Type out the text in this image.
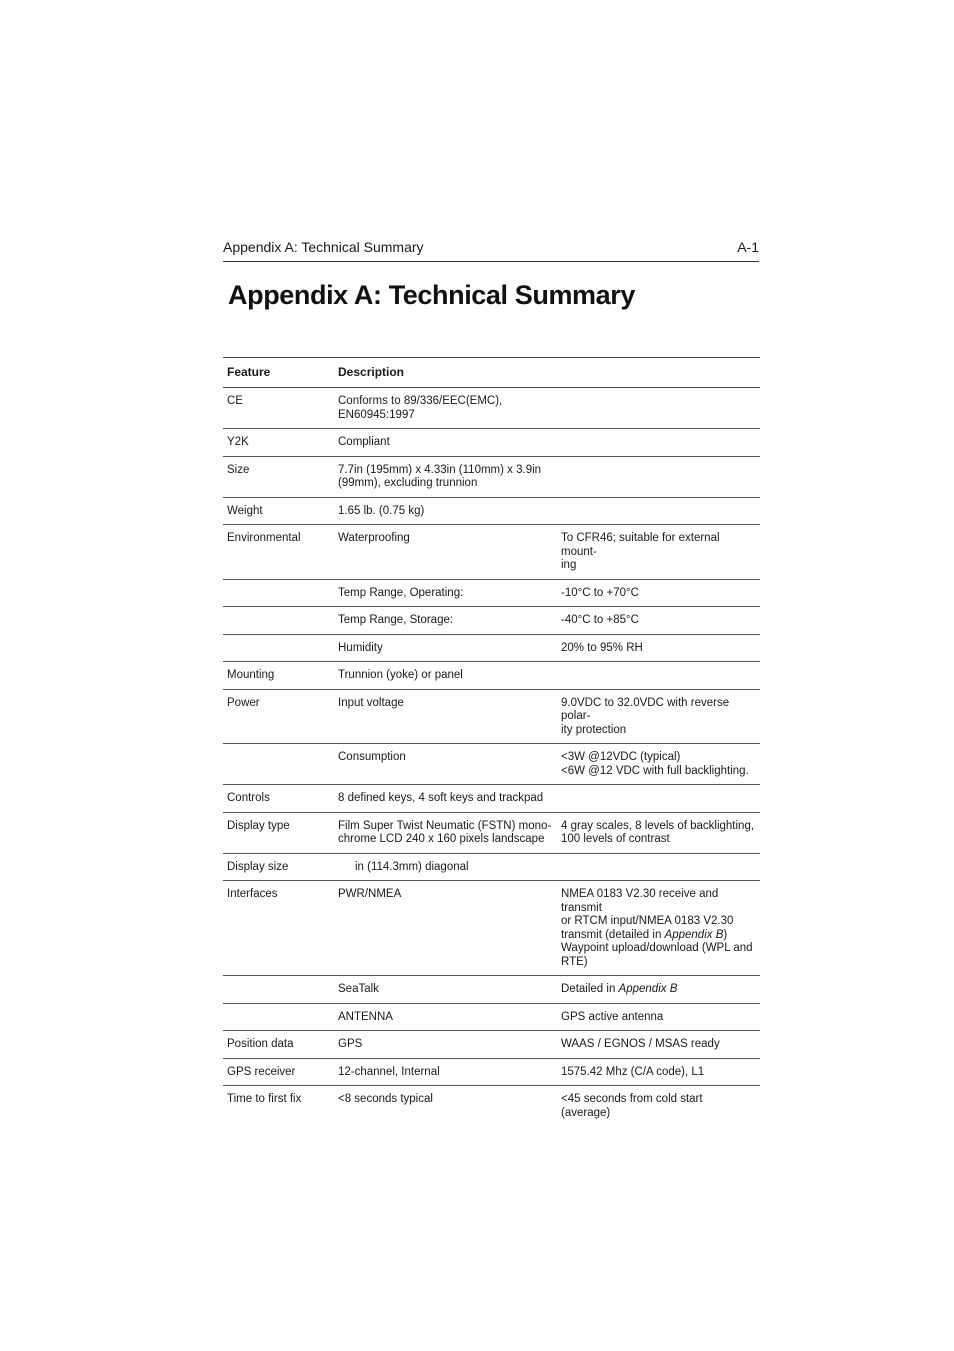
Appendix A: Technical Summary	A-1
Appendix A: Technical Summary
Feature	Description	
CE	Conforms to 89/336/EEC(EMC),
EN60945:1997	
Y2K	Compliant	
Size	7.7in (195mm) x 4.33in (110mm) x 3.9in
(99mm), excluding trunnion	
Weight	1.65 lb. (0.75 kg)	
Environmental	Waterproofing	To CFR46; suitable for external mount-
ing
	Temp Range, Operating:	-10°C to +70°C
	Temp Range, Storage:	-40°C to +85°C
	Humidity	20% to 95% RH
Mounting	Trunnion (yoke) or panel	
Power	Input voltage	9.0VDC to 32.0VDC with reverse polar-
ity protection
	Consumption	<3W @12VDC (typical)
<6W @12 VDC with full backlighting.
Controls	8 defined keys, 4 soft keys and trackpad	
Display type	Film Super Twist Neumatic (FSTN) mono-
chrome LCD 240 x 160 pixels landscape	4 gray scales, 8 levels of backlighting,
100 levels of contrast
Display size	in (114.3mm) diagonal	
Interfaces	PWR/NMEA	NMEA 0183 V2.30 receive and transmit
or RTCM input/NMEA 0183 V2.30
transmit (detailed in Appendix B)
Waypoint upload/download (WPL and
RTE)
	SeaTalk	Detailed in Appendix B
	ANTENNA	GPS active antenna
Position data	GPS	WAAS / EGNOS / MSAS ready
GPS receiver	12-channel, Internal	1575.42 Mhz (C/A code), L1
Time to first fix	<8 seconds typical	<45 seconds from cold start
(average)
